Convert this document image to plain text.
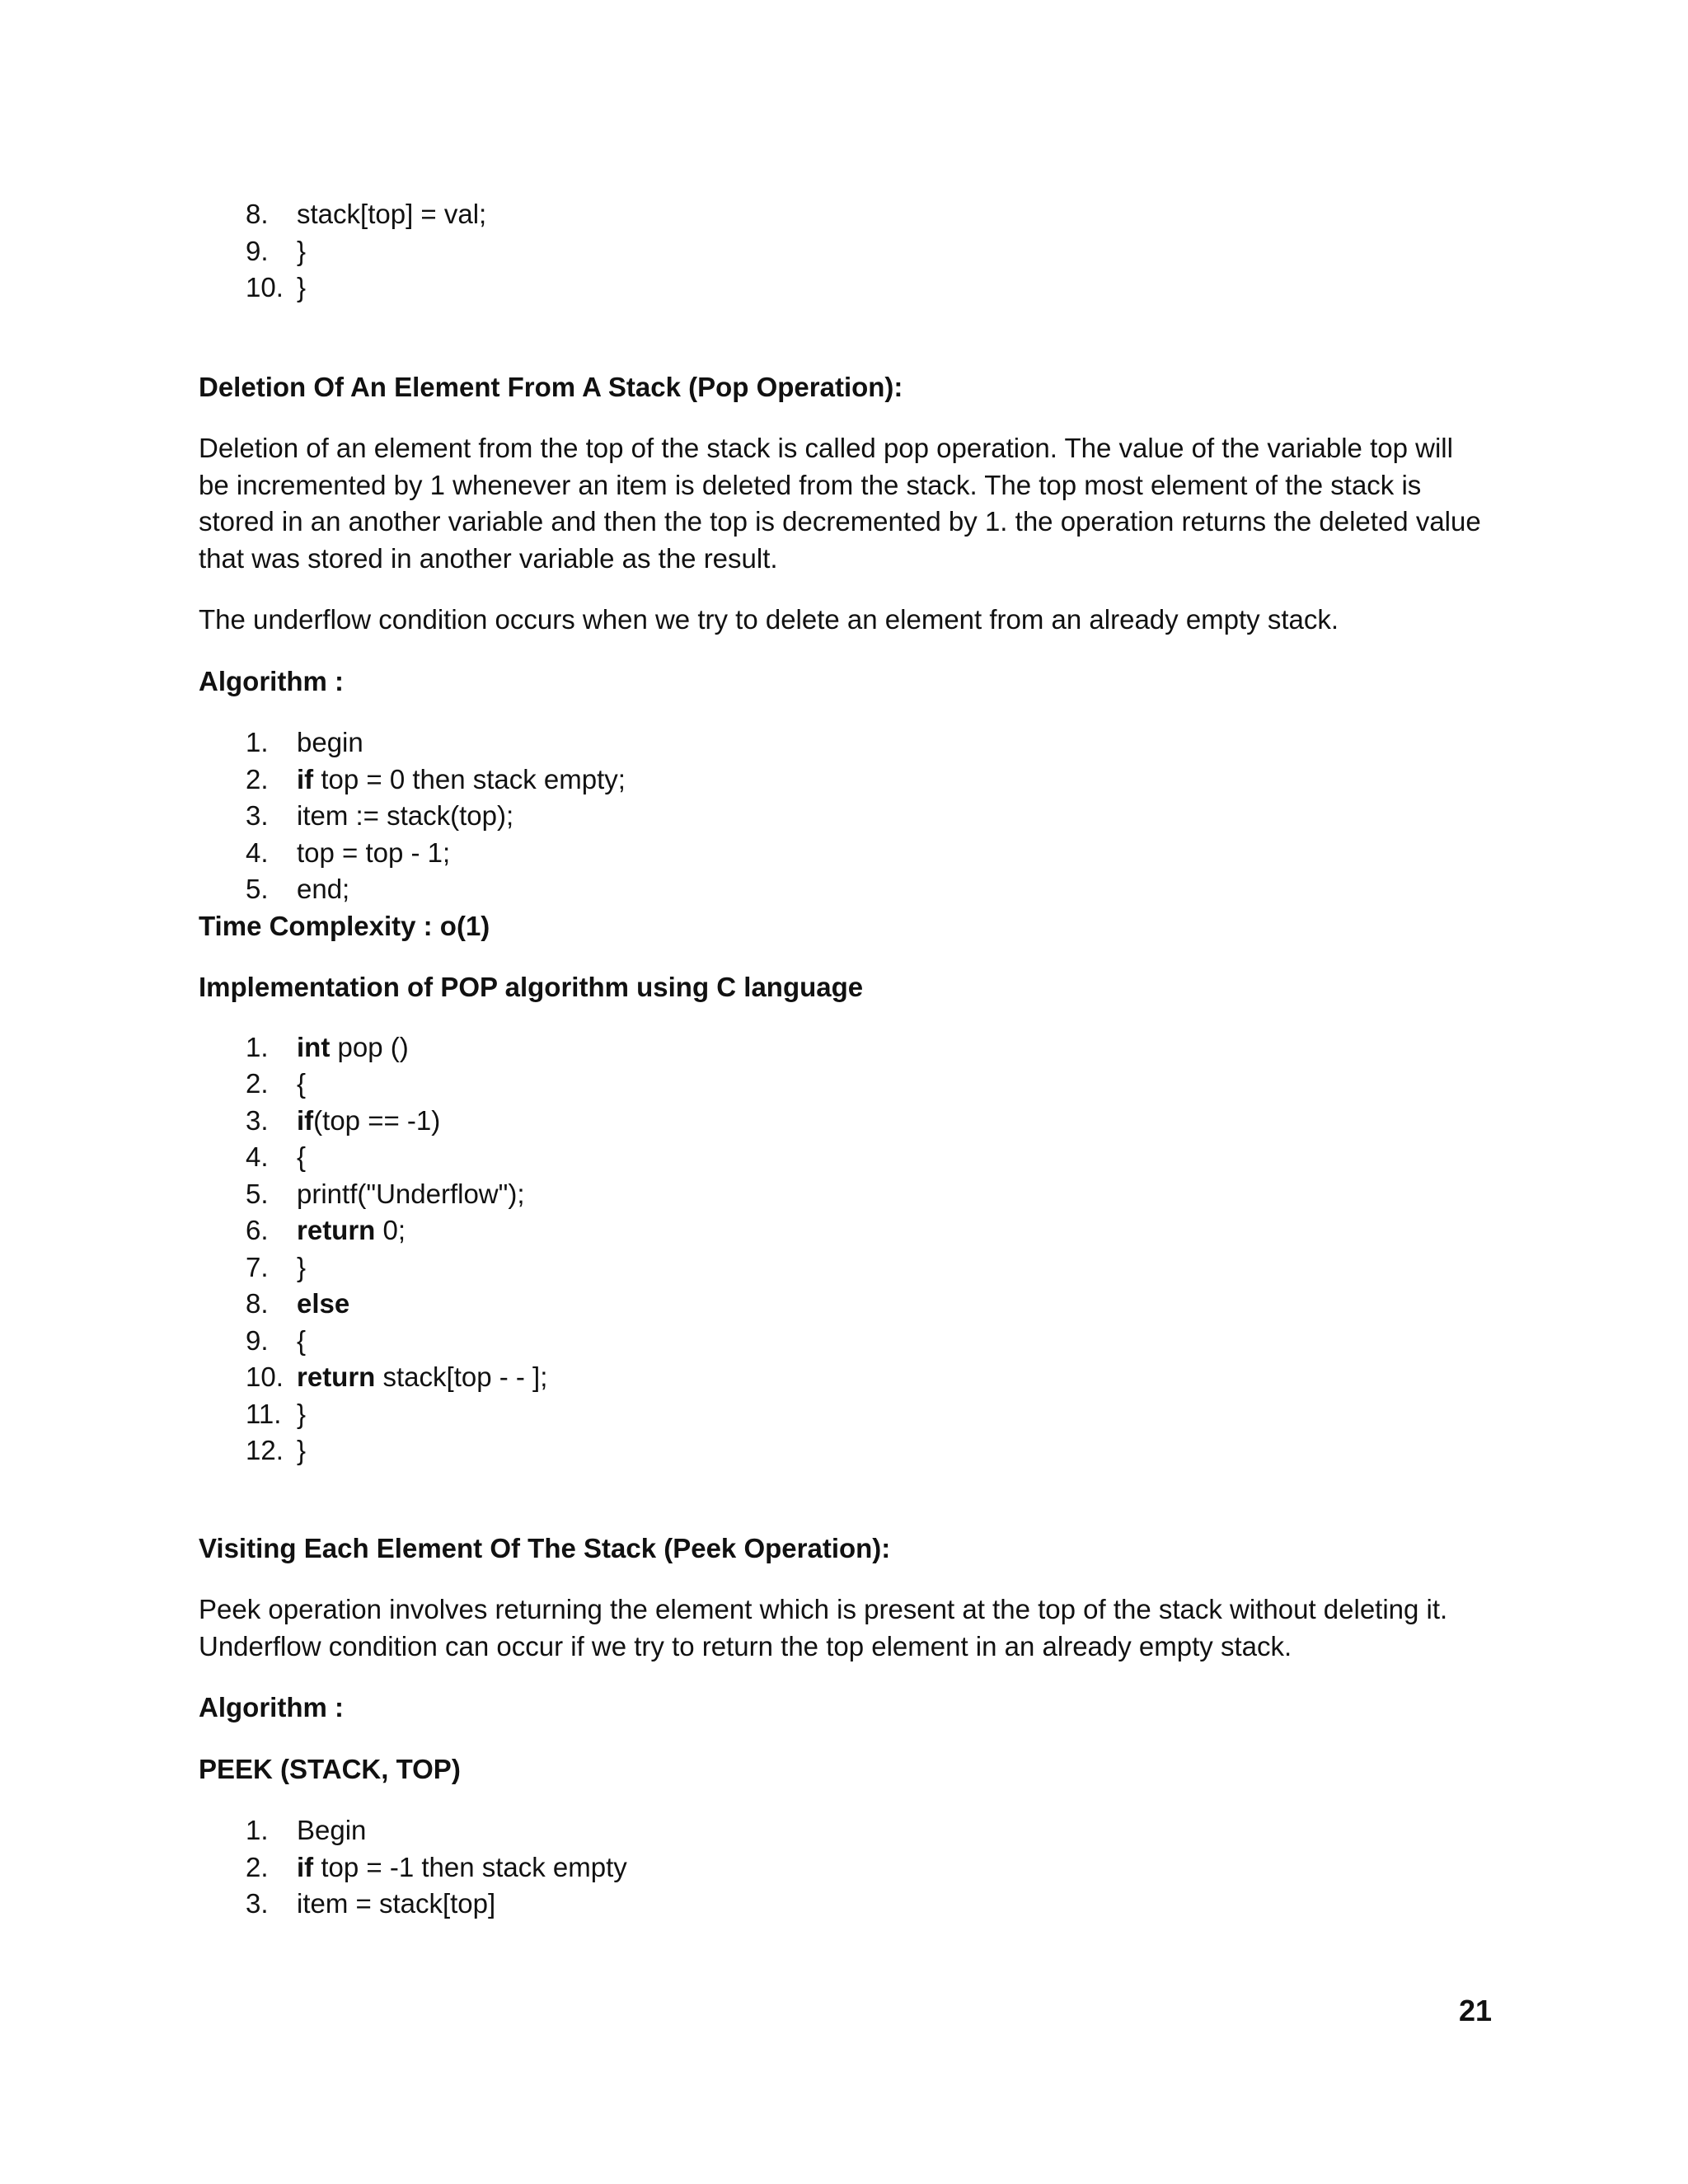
8.	stack[top] = val;
9.	}
10. }

Deletion Of An Element From A Stack (Pop Operation):

Deletion of an element from the top of the stack is called pop operation. The value of the variable top will be incremented by 1 whenever an item is deleted from the stack. The top most element of the stack is stored in an another variable and then the top is decremented by 1. the operation returns the deleted value that was stored in another variable as the result.

The underflow condition occurs when we try to delete an element from an already empty stack.

Algorithm :

1.	begin
2.	if top = 0 then stack empty;
3.	item := stack(top);
4.	top = top - 1;
5.	end;

Time Complexity : o(1)

Implementation of POP algorithm using C language

1.	int pop ()
2.	{
3.	if (top == -1)
4.	{
5.	printf("Underflow");
6.	return 0;
7.	}
8.	else
9.	{
10. return stack[top - - ];
11. }
12. }

Visiting Each Element Of The Stack (Peek Operation):

Peek operation involves returning the element which is present at the top of the stack without deleting it. Underflow condition can occur if we try to return the top element in an already empty stack.

Algorithm :

PEEK (STACK, TOP)

1.	Begin
2.	if top = -1 then stack empty
3.	item = stack[top]
21
